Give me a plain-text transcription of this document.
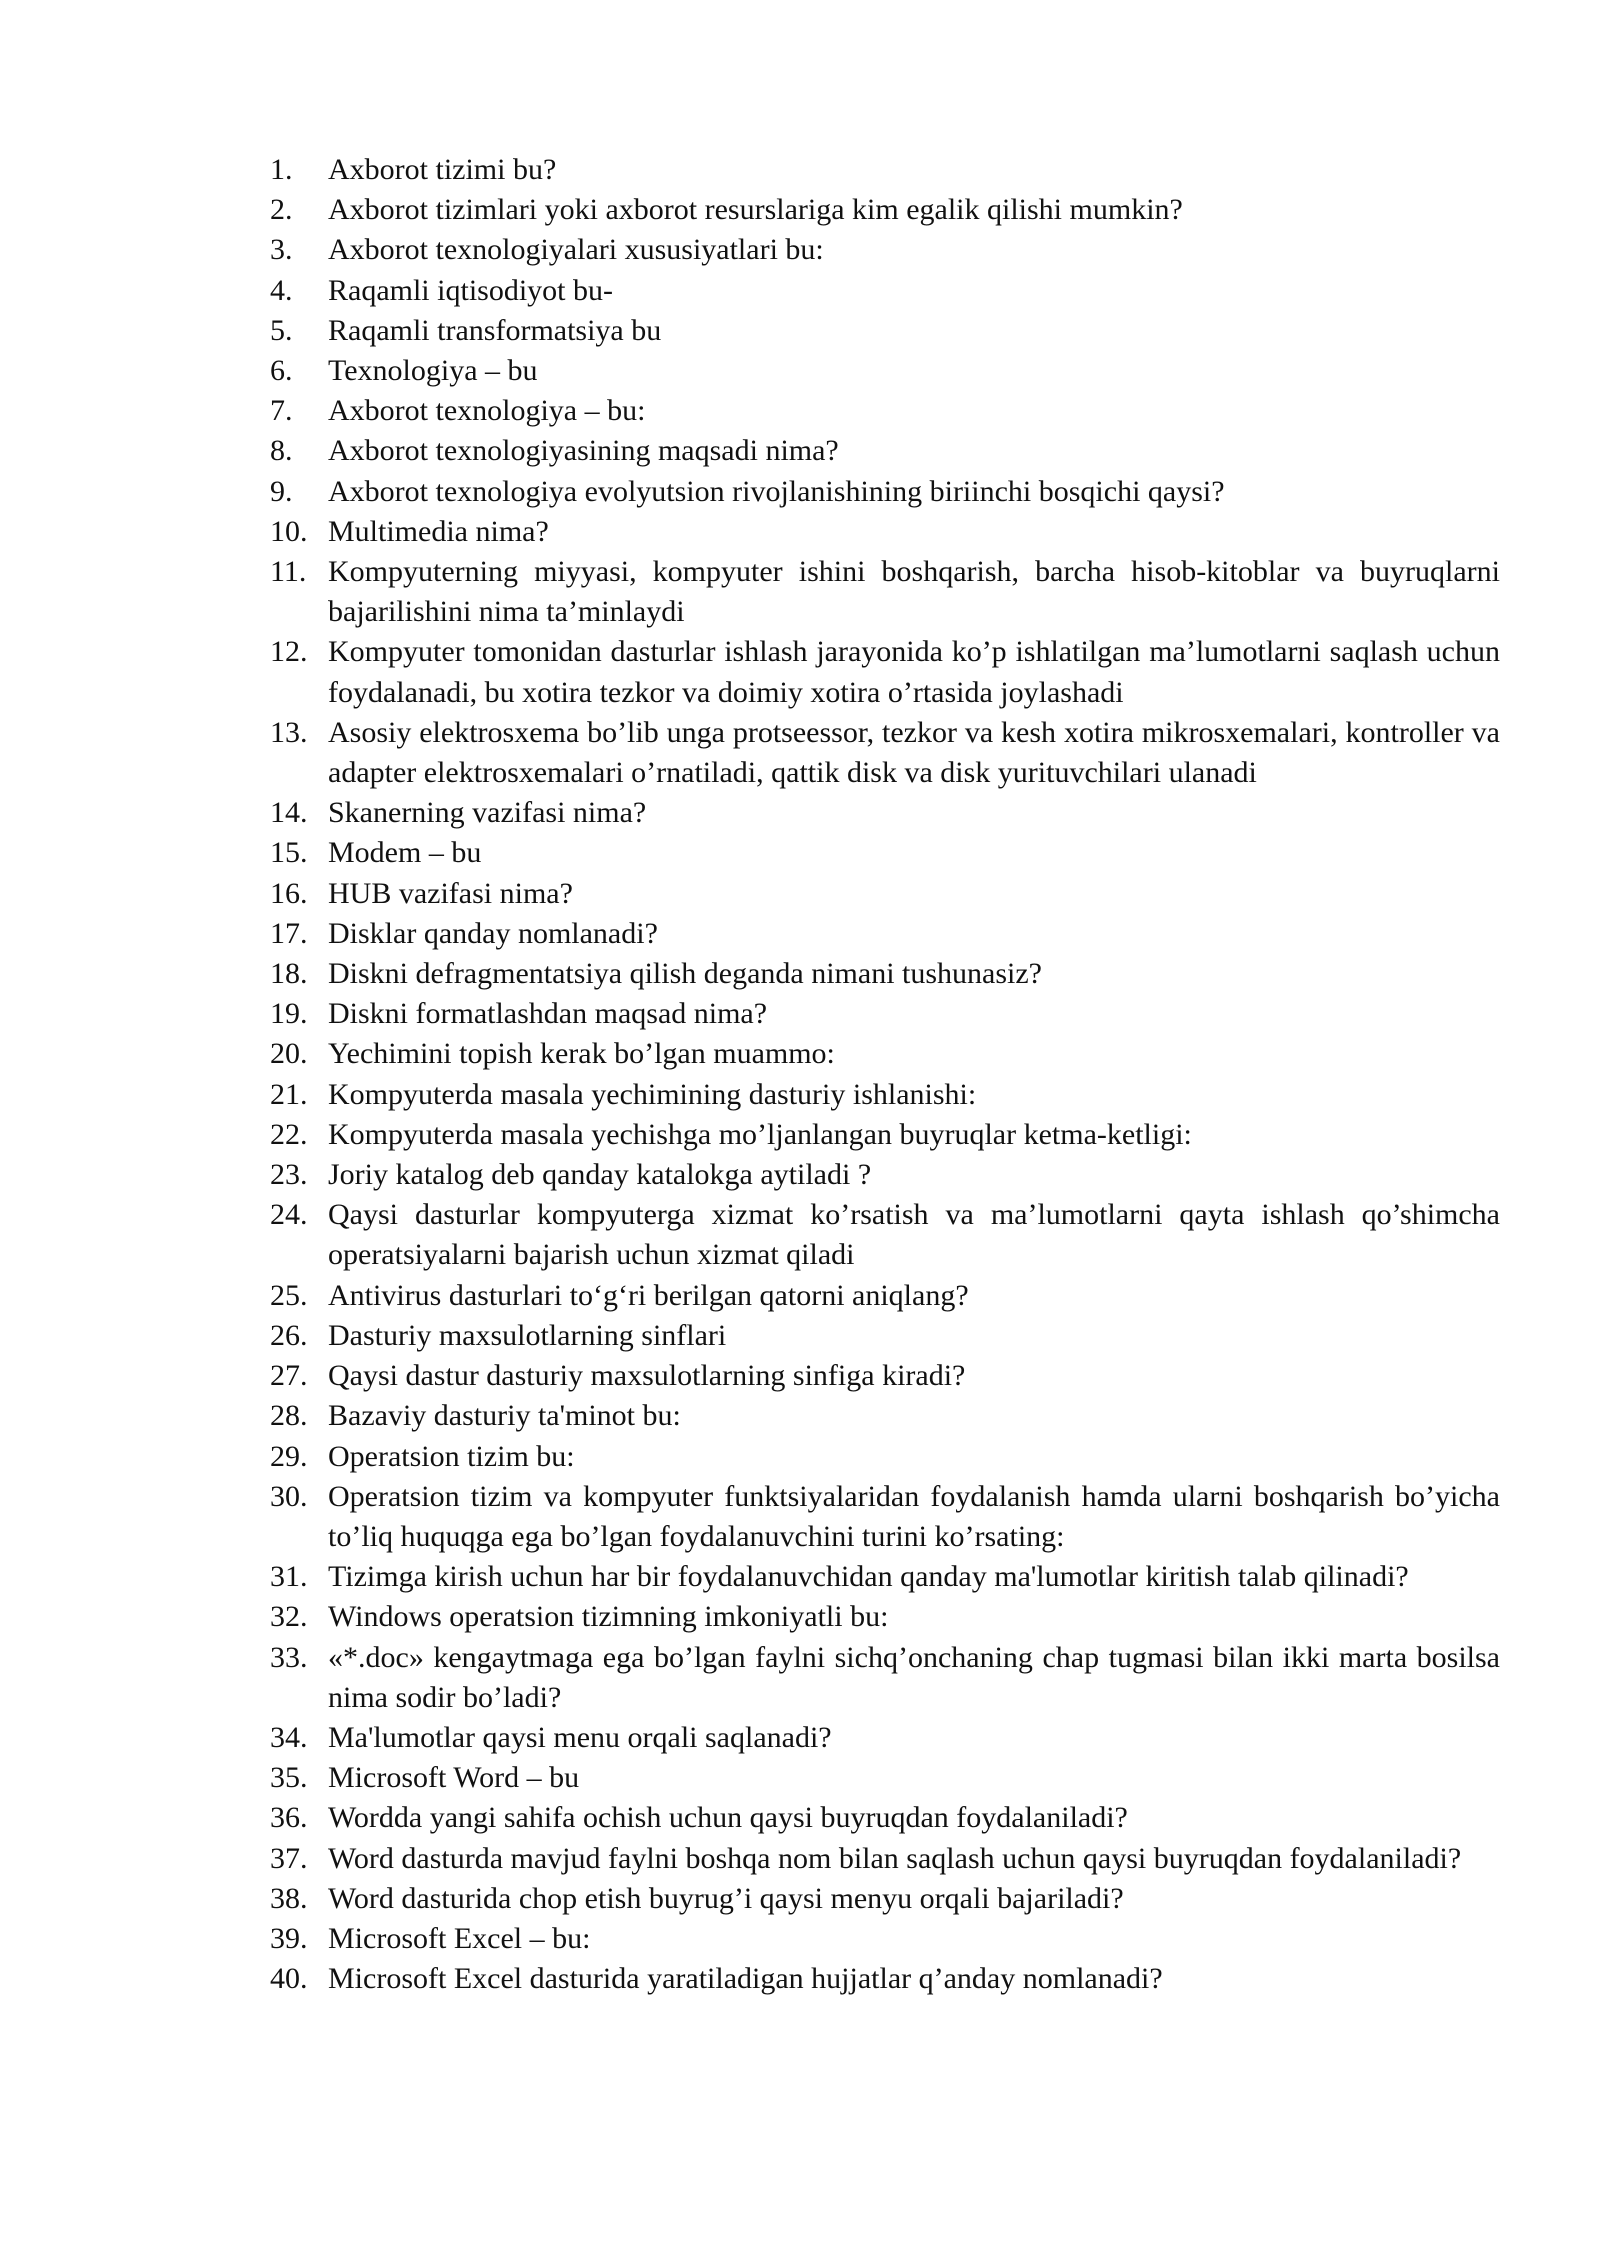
1.	Axborot tizimi bu?
2.	Axborot tizimlari yoki axborot resurslariga kim egalik qilishi mumkin?
3.	Axborot texnologiyalari xususiyatlari bu:
4.	Raqamli iqtisodiyot bu-
5.	Raqamli transformatsiya bu
6.	Texnologiya – bu
7.	Axborot texnologiya – bu:
8.	Axborot texnologiyasining maqsadi nima?
9.	Axborot texnologiya evolyutsion rivojlanishining biriinchi bosqichi qaysi?
10. Multimedia nima?
11. Kompyuterning miyyasi, kompyuter ishini boshqarish, barcha hisob-kitoblar va buyruqlarni bajarilishini nima ta’minlaydi
12. Kompyuter tomonidan dasturlar ishlash jarayonida ko’p ishlatilgan ma’lumotlarni saqlash uchun foydalanadi, bu xotira tezkor va doimiy xotira o’rtasida joylashadi
13. Asosiy elektrosxema bo’lib unga protseessor, tezkor va kesh xotira mikrosxemalari, kontroller va adapter elektrosxemalari o’rnatiladi, qattik disk va disk yurituvchilari ulanadi
14. Skanerning vazifasi nima?
15. Modem – bu
16. HUB vazifasi nima?
17. Disklar qanday nomlanadi?
18. Diskni defragmentatsiya qilish deganda nimani tushunasiz?
19. Diskni formatlashdan maqsad nima?
20. Yechimini topish kerak bo’lgan muammo:
21. Kompyuterda masala yechimining dasturiy ishlanishi:
22. Kompyuterda masala yechishga mo’ljanlangan buyruqlar ketma-ketligi:
23. Joriy katalog deb qanday katalokga aytiladi ?
24. Qaysi dasturlar kompyuterga xizmat ko’rsatish va ma’lumotlarni qayta ishlash qo’shimcha operatsiyalarni bajarish uchun xizmat qiladi
25. Antivirus dasturlari to‘g‘ri berilgan qatorni aniqlang?
26. Dasturiy maxsulotlarning sinflari
27. Qaysi dastur dasturiy maxsulotlarning sinfiga kiradi?
28. Bazaviy dasturiy ta'minot bu:
29. Operatsion tizim bu:
30. Operatsion tizim va kompyuter funktsiyalaridan foydalanish hamda ularni boshqarish bo’yicha to’liq huquqga ega bo’lgan foydalanuvchini turini ko’rsating:
31. Tizimga kirish uchun har bir foydalanuvchidan qanday ma'lumotlar kiritish talab qilinadi?
32. Windows operatsion tizimning imkoniyatli bu:
33. «*.doc» kengaytmaga ega bo’lgan faylni sichq’onchaning chap tugmasi bilan ikki marta bosilsa nima sodir bo’ladi?
34. Ma'lumotlar qaysi menu orqali saqlanadi?
35. Microsoft Word – bu
36. Wordda yangi sahifa ochish uchun qaysi buyruqdan foydalaniladi?
37. Word dasturda mavjud faylni boshqa nom bilan saqlash uchun qaysi buyruqdan foydalaniladi?
38. Word dasturida chop etish buyrug’i qaysi menyu orqali bajariladi?
39. Microsoft Excel – bu:
40. Microsoft Excel dasturida yaratiladigan hujjatlar q’anday nomlanadi?
